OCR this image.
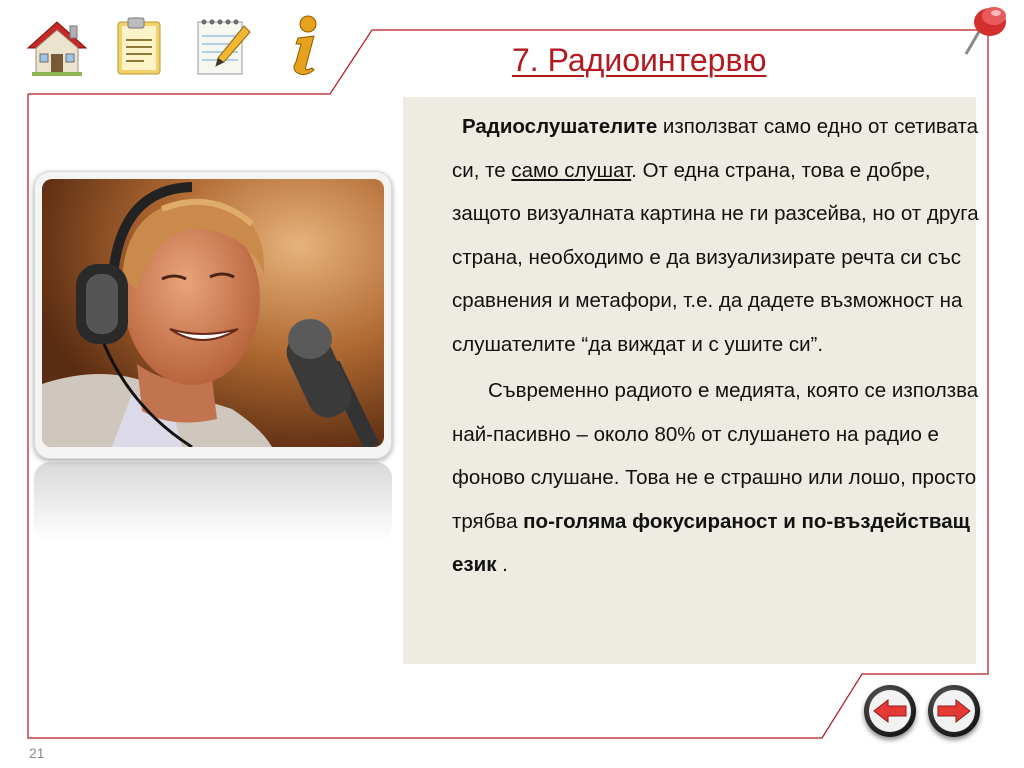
7. Радиоинтервю

Радиослушателите използват само едно от сетивата си, те само слушат. От една страна, това е добре, защото визуалната картина не ги разсейва, но от друга страна, необходимо е да визуализирате речта си със сравнения и метафори, т.е. да дадете възможност на слушателите “да виждат и с ушите си”.

Съвременно радиото е медията, която се използва най-пасивно – около 80% от слушането на радио е фоново слушане. Това не е страшно или лошо, просто трябва по-голяма фокусираност и по-въздействащ език .

21
